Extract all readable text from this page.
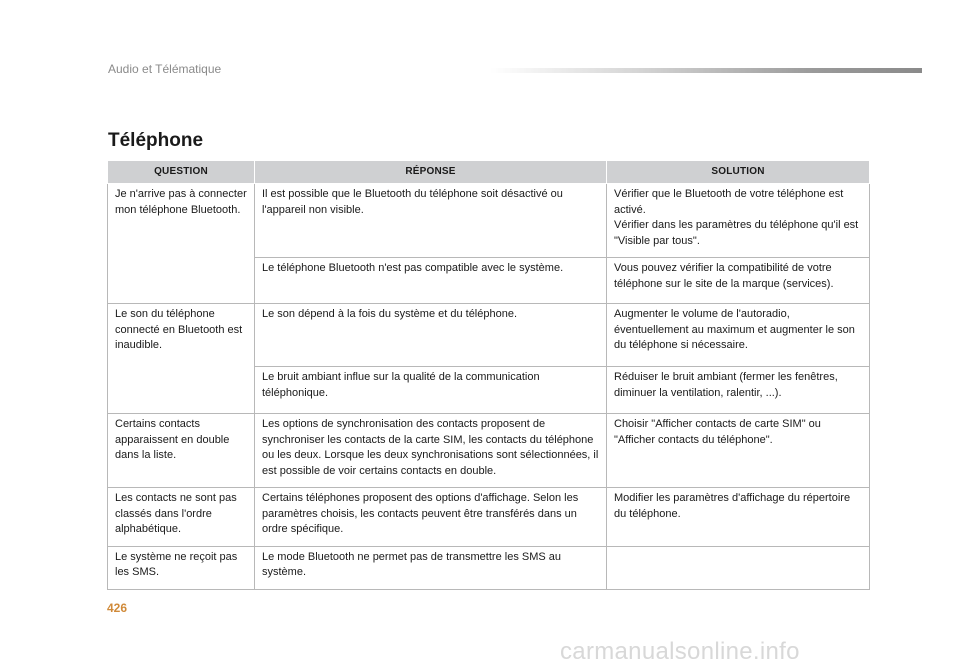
Audio et Télématique
Téléphone
QUESTION	RÉPONSE	SOLUTION
Je n'arrive pas à connecter mon téléphone Bluetooth.	Il est possible que le Bluetooth du téléphone soit désactivé ou l'appareil non visible.	Vérifier que le Bluetooth de votre téléphone est activé.
Vérifier dans les paramètres du téléphone qu'il est "Visible par tous".
	Le téléphone Bluetooth n'est pas compatible avec le système.	Vous pouvez vérifier la compatibilité de votre téléphone sur le site de la marque (services).
Le son du téléphone connecté en Bluetooth est inaudible.	Le son dépend à la fois du système et du téléphone.	Augmenter le volume de l'autoradio, éventuellement au maximum et augmenter le son du téléphone si nécessaire.
	Le bruit ambiant influe sur la qualité de la communication téléphonique.	Réduiser le bruit ambiant (fermer les fenêtres, diminuer la ventilation, ralentir, ...).
Certains contacts apparaissent en double dans la liste.	Les options de synchronisation des contacts proposent de synchroniser les contacts de la carte SIM, les contacts du téléphone ou les deux. Lorsque les deux synchronisations sont sélectionnées, il est possible de voir certains contacts en double.	Choisir "Afficher contacts de carte SIM" ou "Afficher contacts du téléphone".
Les contacts ne sont pas classés dans l'ordre alphabétique.	Certains téléphones proposent des options d'affichage. Selon les paramètres choisis, les contacts peuvent être transférés dans un ordre spécifique.	Modifier les paramètres d'affichage du répertoire du téléphone.
Le système ne reçoit pas les SMS.	Le mode Bluetooth ne permet pas de transmettre les SMS au système.	
426
carmanualsonline.info
